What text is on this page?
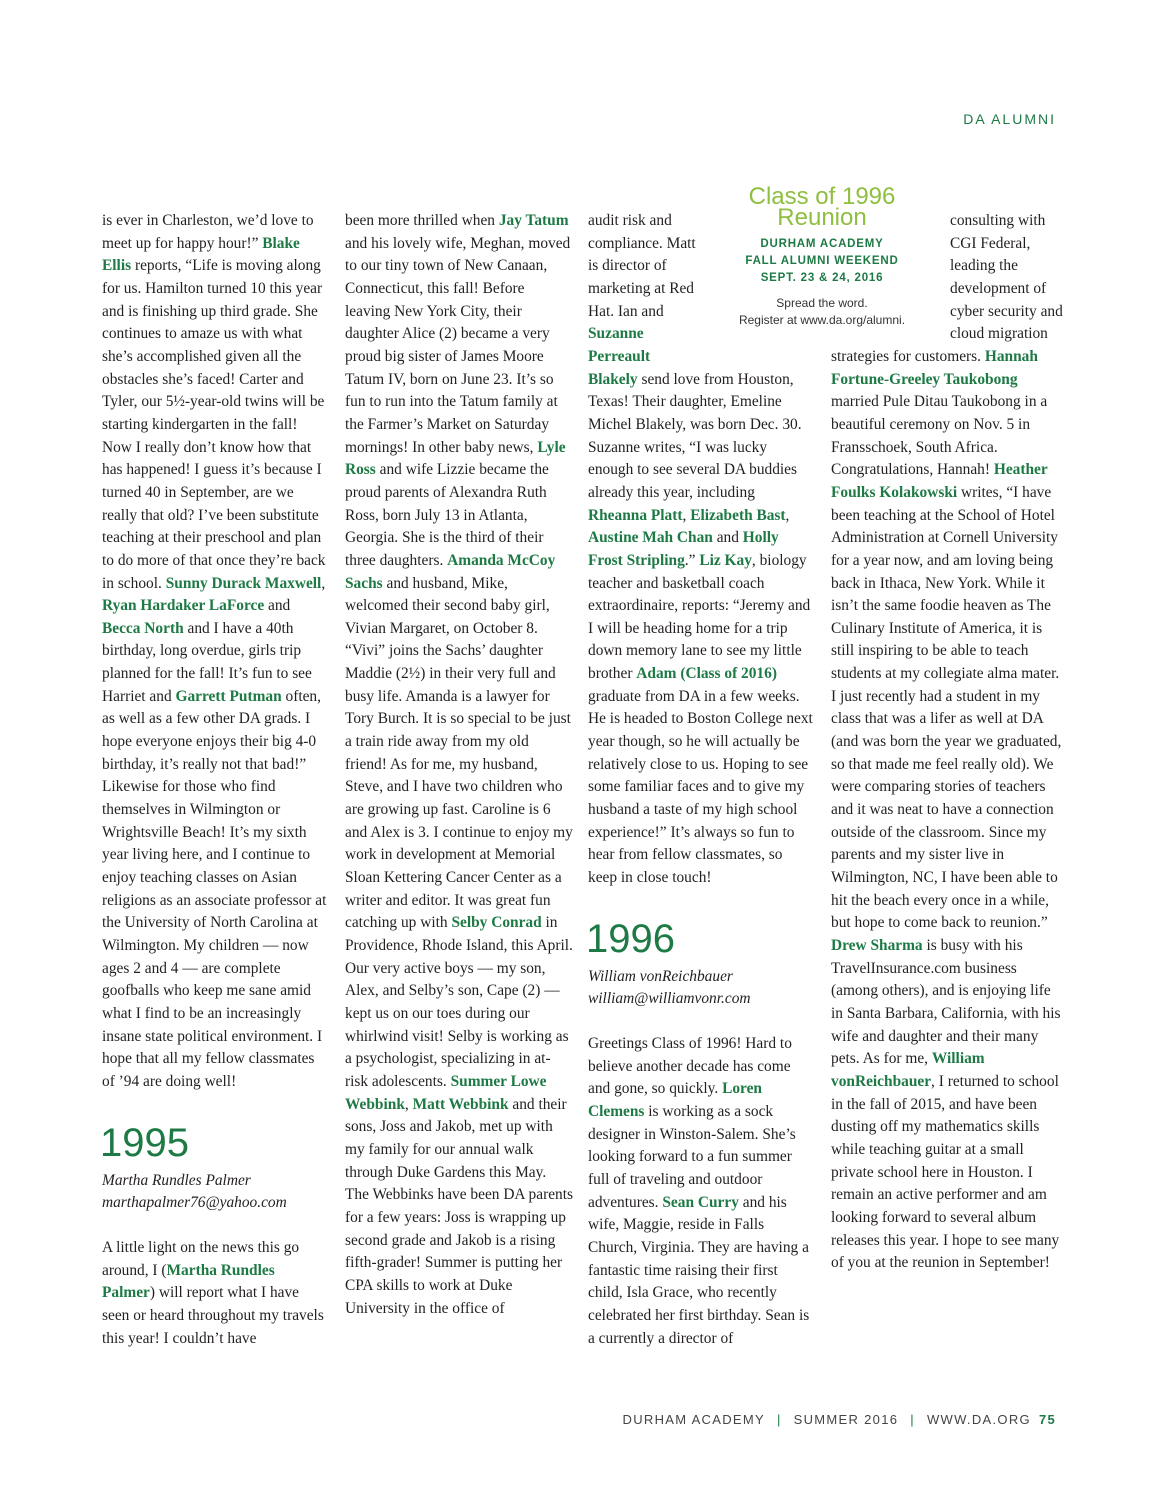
DA ALUMNI

is ever in Charleston, we’d love to meet up for happy hour!” Blake Ellis reports, “Life is moving along for us. Hamilton turned 10 this year and is finishing up third grade. She continues to amaze us with what she’s accomplished given all the obstacles she’s faced! Carter and Tyler, our 5½-year-old twins will be starting kindergarten in the fall! Now I really don’t know how that has happened! I guess it’s because I turned 40 in September, are we really that old? I’ve been substitute teaching at their preschool and plan to do more of that once they’re back in school. Sunny Durack Maxwell, Ryan Hardaker LaForce and Becca North and I have a 40th birthday, long overdue, girls trip planned for the fall! It’s fun to see Harriet and Garrett Putman often, as well as a few other DA grads. I hope everyone enjoys their big 4-0 birthday, it’s really not that bad!” Likewise for those who find themselves in Wilmington or Wrightsville Beach! It’s my sixth year living here, and I continue to enjoy teaching classes on Asian religions as an associate professor at the University of North Carolina at Wilmington. My children — now ages 2 and 4 — are complete goofballs who keep me sane amid what I find to be an increasingly insane state political environment. I hope that all my fellow classmates of ’94 are doing well!

1995

Martha Rundles Palmer

marthapalmer76@yahoo.com

A little light on the news this go around, I (Martha Rundles Palmer) will report what I have seen or heard throughout my travels this year! I couldn’t have

been more thrilled when Jay Tatum and his lovely wife, Meghan, moved to our tiny town of New Canaan, Connecticut, this fall! Before leaving New York City, their daughter Alice (2) became a very proud big sister of James Moore Tatum IV, born on June 23. It’s so fun to run into the Tatum family at the Farmer’s Market on Saturday mornings! In other baby news, Lyle Ross and wife Lizzie became the proud parents of Alexandra Ruth Ross, born July 13 in Atlanta, Georgia. She is the third of their three daughters. Amanda McCoy Sachs and husband, Mike, welcomed their second baby girl, Vivian Margaret, on October 8. “Vivi” joins the Sachs’ daughter Maddie (2½) in their very full and busy life. Amanda is a lawyer for Tory Burch. It is so special to be just a train ride away from my old friend! As for me, my husband, Steve, and I have two children who are growing up fast. Caroline is 6 and Alex is 3. I continue to enjoy my work in development at Memorial Sloan Kettering Cancer Center as a writer and editor. It was great fun catching up with Selby Conrad in Providence, Rhode Island, this April. Our very active boys — my son, Alex, and Selby’s son, Cape (2) — kept us on our toes during our whirlwind visit! Selby is working as a psychologist, specializing in at-risk adolescents. Summer Lowe Webbink, Matt Webbink and their sons, Joss and Jakob, met up with my family for our annual walk through Duke Gardens this May. The Webbinks have been DA parents for a few years: Joss is wrapping up second grade and Jakob is a rising fifth-grader! Summer is putting her CPA skills to work at Duke University in the office of

Class of 1996 Reunion
DURHAM ACADEMY
FALL ALUMNI WEEKEND
SEPT. 23 & 24, 2016
Spread the word.
Register at www.da.org/alumni.

audit risk and compliance. Matt is director of marketing at Red Hat. Ian and Suzanne Perreault
Blakely send love from Houston, Texas! Their daughter, Emeline Michel Blakely, was born Dec. 30. Suzanne writes, “I was lucky enough to see several DA buddies already this year, including Rheanna Platt, Elizabeth Bast, Austine Mah Chan and Holly Frost Stripling.” Liz Kay, biology teacher and basketball coach extraordinaire, reports: “Jeremy and I will be heading home for a trip down memory lane to see my little brother Adam (Class of 2016) graduate from DA in a few weeks. He is headed to Boston College next year though, so he will actually be relatively close to us. Hoping to see some familiar faces and to give my husband a taste of my high school experience!” It’s always so fun to hear from fellow classmates, so keep in close touch!

1996

William vonReichbauer

william@williamvonr.com

Greetings Class of 1996! Hard to believe another decade has come and gone, so quickly. Loren Clemens is working as a sock designer in Winston-Salem. She’s looking forward to a fun summer full of traveling and outdoor adventures. Sean Curry and his wife, Maggie, reside in Falls Church, Virginia. They are having a fantastic time raising their first child, Isla Grace, who recently celebrated her first birthday. Sean is a currently a director of

consulting with CGI Federal, leading the development of cyber security and cloud migration
strategies for customers. Hannah Fortune-Greeley Taukobong married Pule Ditau Taukobong in a beautiful ceremony on Nov. 5 in Fransschoek, South Africa. Congratulations, Hannah! Heather Foulks Kolakowski writes, “I have been teaching at the School of Hotel Administration at Cornell University for a year now, and am loving being back in Ithaca, New York. While it isn’t the same foodie heaven as The Culinary Institute of America, it is still inspiring to be able to teach students at my collegiate alma mater. I just recently had a student in my class that was a lifer as well at DA (and was born the year we graduated, so that made me feel really old). We were comparing stories of teachers and it was neat to have a connection outside of the classroom. Since my parents and my sister live in Wilmington, NC, I have been able to hit the beach every once in a while, but hope to come back to reunion.” Drew Sharma is busy with his TravelInsurance.com business (among others), and is enjoying life in Santa Barbara, California, with his wife and daughter and their many pets. As for me, William vonReichbauer, I returned to school in the fall of 2015, and have been dusting off my mathematics skills while teaching guitar at a small private school here in Houston. I remain an active performer and am looking forward to several album releases this year. I hope to see many of you at the reunion in September!

DURHAM ACADEMY | SUMMER 2016 | WWW.DA.ORG 75
